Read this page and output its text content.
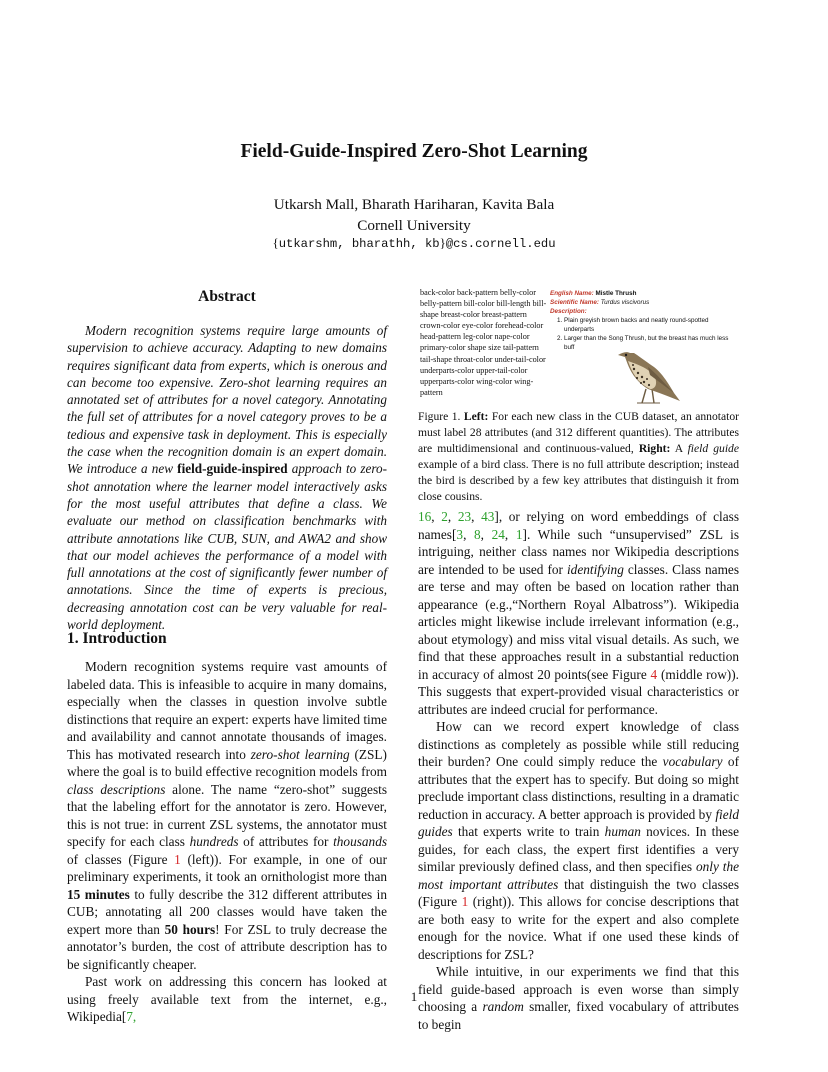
Field-Guide-Inspired Zero-Shot Learning
Utkarsh Mall, Bharath Hariharan, Kavita Bala
Cornell University
{utkarshm, bharathh, kb}@cs.cornell.edu
Abstract

Modern recognition systems require large amounts of supervision to achieve accuracy. Adapting to new domains requires significant data from experts, which is onerous and can become too expensive. Zero-shot learning requires an annotated set of attributes for a novel category. Annotating the full set of attributes for a novel category proves to be a tedious and expensive task in deployment. This is especially the case when the recognition domain is an expert domain. We introduce a new field-guide-inspired approach to zero-shot annotation where the learner model interactively asks for the most useful attributes that define a class. We evaluate our method on classification benchmarks with attribute annotations like CUB, SUN, and AWA2 and show that our model achieves the performance of a model with full annotations at the cost of significantly fewer number of annotations. Since the time of experts is precious, decreasing annotation cost can be very valuable for real-world deployment.

1. Introduction

Modern recognition systems require vast amounts of labeled data. This is infeasible to acquire in many domains, especially when the classes in question involve subtle distinctions that require an expert: experts have limited time and availability and cannot annotate thousands of images. This has motivated research into zero-shot learning (ZSL) where the goal is to build effective recognition models from class descriptions alone. The name “zero-shot” suggests that the labeling effort for the annotator is zero. However, this is not true: in current ZSL systems, the annotator must specify for each class hundreds of attributes for thousands of classes (Figure 1 (left)). For example, in one of our preliminary experiments, it took an ornithologist more than 15 minutes to fully describe the 312 different attributes in CUB; annotating all 200 classes would have taken the expert more than 50 hours! For ZSL to truly decrease the annotator’s burden, the cost of attribute description has to be significantly cheaper.

Past work on addressing this concern has looked at using freely available text from the internet, e.g., Wikipedia[7,

back-color back-pattern belly-color belly-pattern bill-color bill-length bill-shape breast-color breast-pattern crown-color eye-color forehead-color head-pattern leg-color nape-color primary-color shape size tail-pattern tail-shape throat-color under-tail-color underparts-color upper-tail-color upperparts-color wing-color wing-pattern
English Name: Mistle Thrush
Scientific Name: Turdus viscivorus
Description:
1. Plain greyish brown backs and neatly round-spotted underparts
2. Larger than the Song Thrush, but the breast has much less buff
Figure 1. Left: For each new class in the CUB dataset, an annotator must label 28 attributes (and 312 different quantities). The attributes are multidimensional and continuous-valued, Right: A field guide example of a bird class. There is no full attribute description; instead the bird is described by a few key attributes that distinguish it from close cousins.

16, 2, 23, 43], or relying on word embeddings of class names[3, 8, 24, 1]. While such “unsupervised” ZSL is intriguing, neither class names nor Wikipedia descriptions are intended to be used for identifying classes. Class names are terse and may often be based on location rather than appearance (e.g.,“Northern Royal Albatross”). Wikipedia articles might likewise include irrelevant information (e.g., about etymology) and miss vital visual details. As such, we find that these approaches result in a substantial reduction in accuracy of almost 20 points(see Figure 4 (middle row)). This suggests that expert-provided visual characteristics or attributes are indeed crucial for performance.

How can we record expert knowledge of class distinctions as completely as possible while still reducing their burden? One could simply reduce the vocabulary of attributes that the expert has to specify. But doing so might preclude important class distinctions, resulting in a dramatic reduction in accuracy. A better approach is provided by field guides that experts write to train human novices. In these guides, for each class, the expert first identifies a very similar previously defined class, and then specifies only the most important attributes that distinguish the two classes (Figure 1 (right)). This allows for concise descriptions that are both easy to write for the expert and also complete enough for the novice. What if one used these kinds of descriptions for ZSL?

While intuitive, in our experiments we find that this field guide-based approach is even worse than simply choosing a random smaller, fixed vocabulary of attributes to begin

1
